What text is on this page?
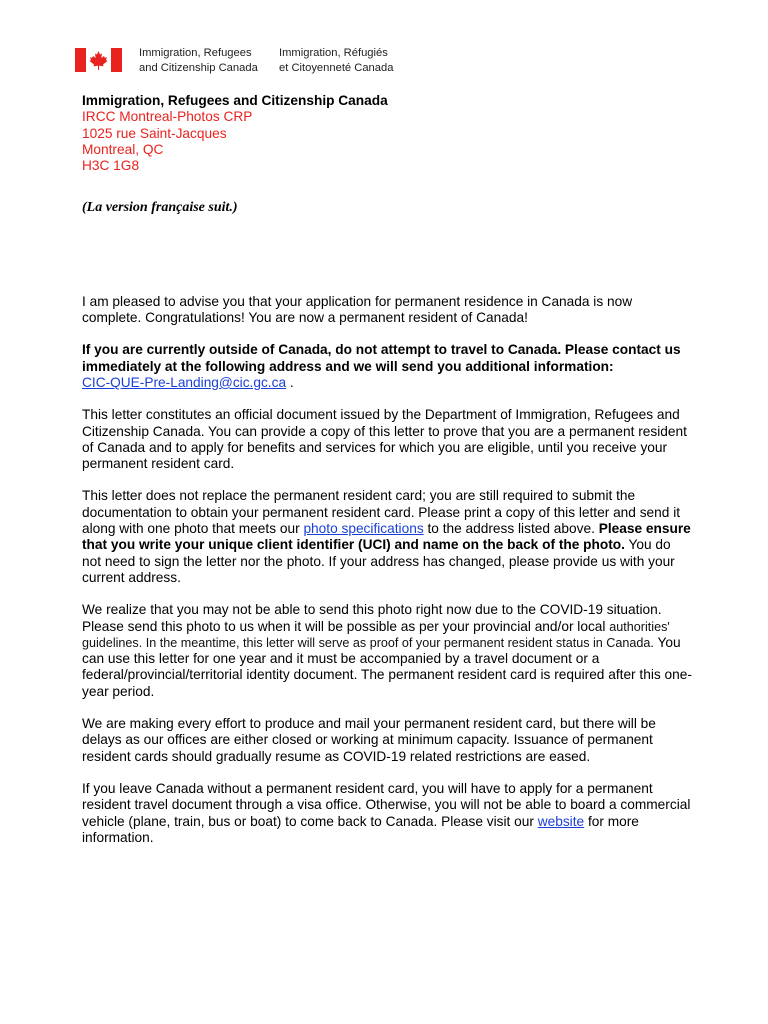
Immigration, Refugees
and Citizenship Canada
Immigration, Réfugiés
et Citoyenneté Canada
Immigration, Refugees and Citizenship Canada
IRCC Montreal-Photos CRP
1025 rue Saint-Jacques
Montreal, QC
H3C 1G8
(La version française suit.)

I am pleased to advise you that your application for permanent residence in Canada is now complete. Congratulations! You are now a permanent resident of Canada!

If you are currently outside of Canada, do not attempt to travel to Canada. Please contact us immediately at the following address and we will send you additional information:
CIC-QUE-Pre-Landing@cic.gc.ca .

This letter constitutes an official document issued by the Department of Immigration, Refugees and Citizenship Canada. You can provide a copy of this letter to prove that you are a permanent resident of Canada and to apply for benefits and services for which you are eligible, until you receive your permanent resident card.

This letter does not replace the permanent resident card; you are still required to submit the documentation to obtain your permanent resident card. Please print a copy of this letter and send it along with one photo that meets our photo specifications to the address listed above. Please ensure that you write your unique client identifier (UCI) and name on the back of the photo. You do not need to sign the letter nor the photo. If your address has changed, please provide us with your current address.

We realize that you may not be able to send this photo right now due to the COVID-19 situation. Please send this photo to us when it will be possible as per your provincial and/or local authorities' guidelines. In the meantime, this letter will serve as proof of your permanent resident status in Canada. You can use this letter for one year and it must be accompanied by a travel document or a federal/provincial/territorial identity document. The permanent resident card is required after this one-year period.

We are making every effort to produce and mail your permanent resident card, but there will be delays as our offices are either closed or working at minimum capacity. Issuance of permanent resident cards should gradually resume as COVID-19 related restrictions are eased.

If you leave Canada without a permanent resident card, you will have to apply for a permanent resident travel document through a visa office. Otherwise, you will not be able to board a commercial vehicle (plane, train, bus or boat) to come back to Canada. Please visit our website for more information.
